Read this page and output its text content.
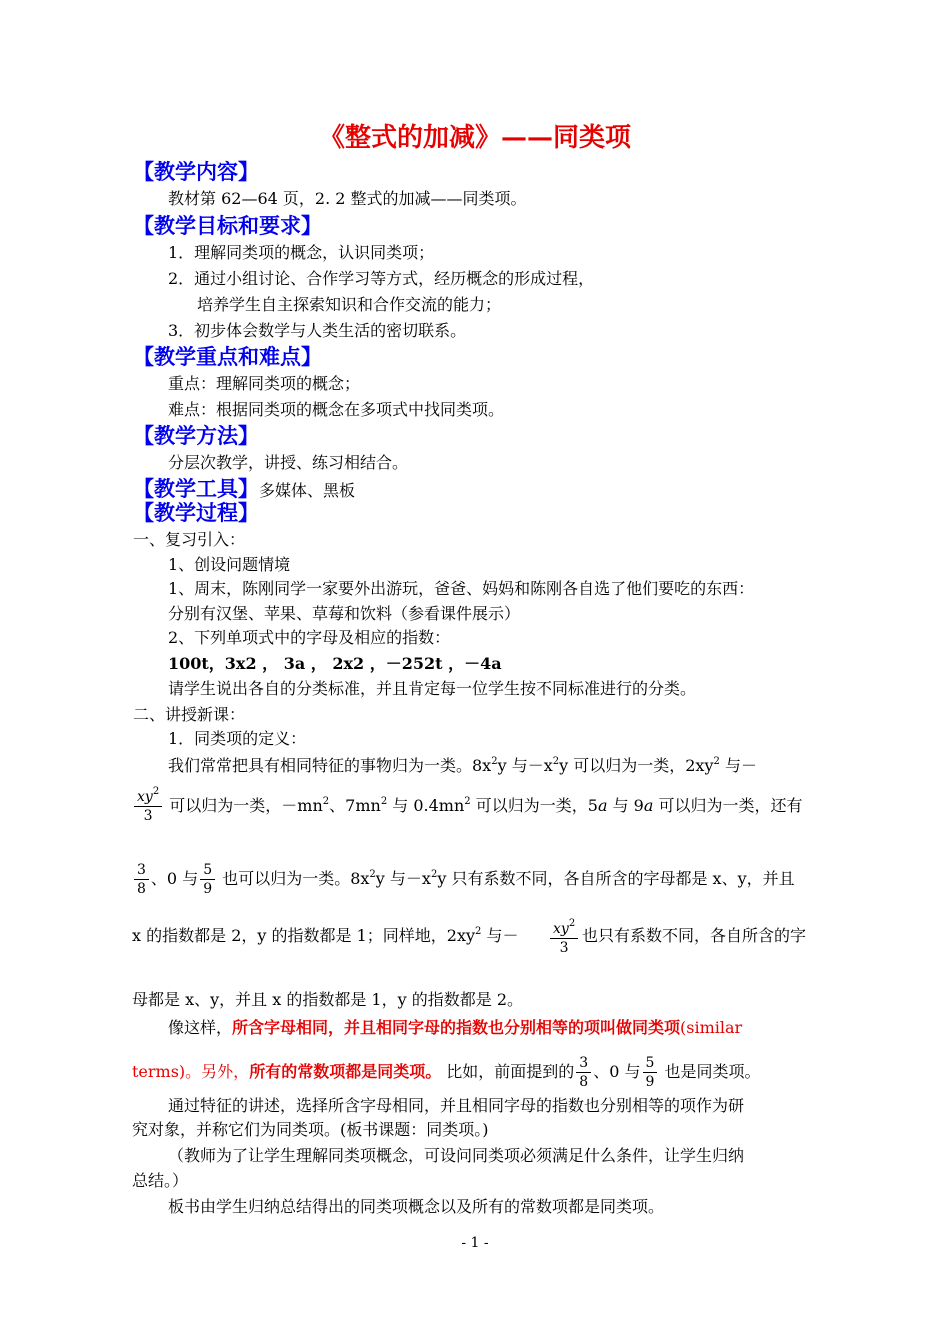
《整式的加减》——同类项
【教学内容】
教材第 62—64 页，2. 2 整式的加减——同类项。
【教学目标和要求】
1．理解同类项的概念，认识同类项；
2．通过小组讨论、合作学习等方式，经历概念的形成过程，
培养学生自主探索知识和合作交流的能力；
3．初步体会数学与人类生活的密切联系。
【教学重点和难点】
重点：理解同类项的概念；
难点：根据同类项的概念在多项式中找同类项。
【教学方法】
分层次教学，讲授、练习相结合。
【教学工具】多媒体、黑板
【教学过程】
一、复习引入：
1、创设问题情境
1、周末，陈刚同学一家要外出游玩，爸爸、妈妈和陈刚各自选了他们要吃的东西：
分别有汉堡、苹果、草莓和饮料（参看课件展示）
2、下列单项式中的字母及相应的指数：
100t，3x2 ， 3a ， 2x2 ，－252t ，－4a
请学生说出各自的分类标准，并且肯定每一位学生按不同标准进行的分类。
二、讲授新课：
1．同类项的定义：
我们常常把具有相同特征的事物归为一类。$8x^2y$ 与$-x^2y$ 可以归为一类，$2xy^2$ 与－
$\frac{xy^2}{3}$ 可以归为一类，$-mn^2$、$7mn^2$ 与 $0.4mn^2$ 可以归为一类，5a 与 9a 可以归为一类，还有
$\frac{3}{8}$ 、0 与 $\frac{5}{9}$ 也可以归为一类。$8x^2y$ 与$-x^2y$ 只有系数不同，各自所含的字母都是 x、y，并且
x 的指数都是 2，y 的指数都是 1；同样地，$2xy^2$ 与－ $\frac{xy^2}{3}$ 也只有系数不同，各自所含的字
母都是 x、y，并且 x 的指数都是 1，y 的指数都是 2。
像这样，所含字母相同，并且相同字母的指数也分别相等的项叫做同类项(similar
terms)。另外，所有的常数项都是同类项。 比如，前面提到的 $\frac{3}{8}$ 、0 与 $\frac{5}{9}$ 也是同类项。
通过特征的讲述，选择所含字母相同，并且相同字母的指数也分别相等的项作为研
究对象，并称它们为同类项。(板书课题：同类项。)
（教师为了让学生理解同类项概念，可设问同类项必须满足什么条件，让学生归纳
总结。）
板书由学生归纳总结得出的同类项概念以及所有的常数项都是同类项。
- 1 -
